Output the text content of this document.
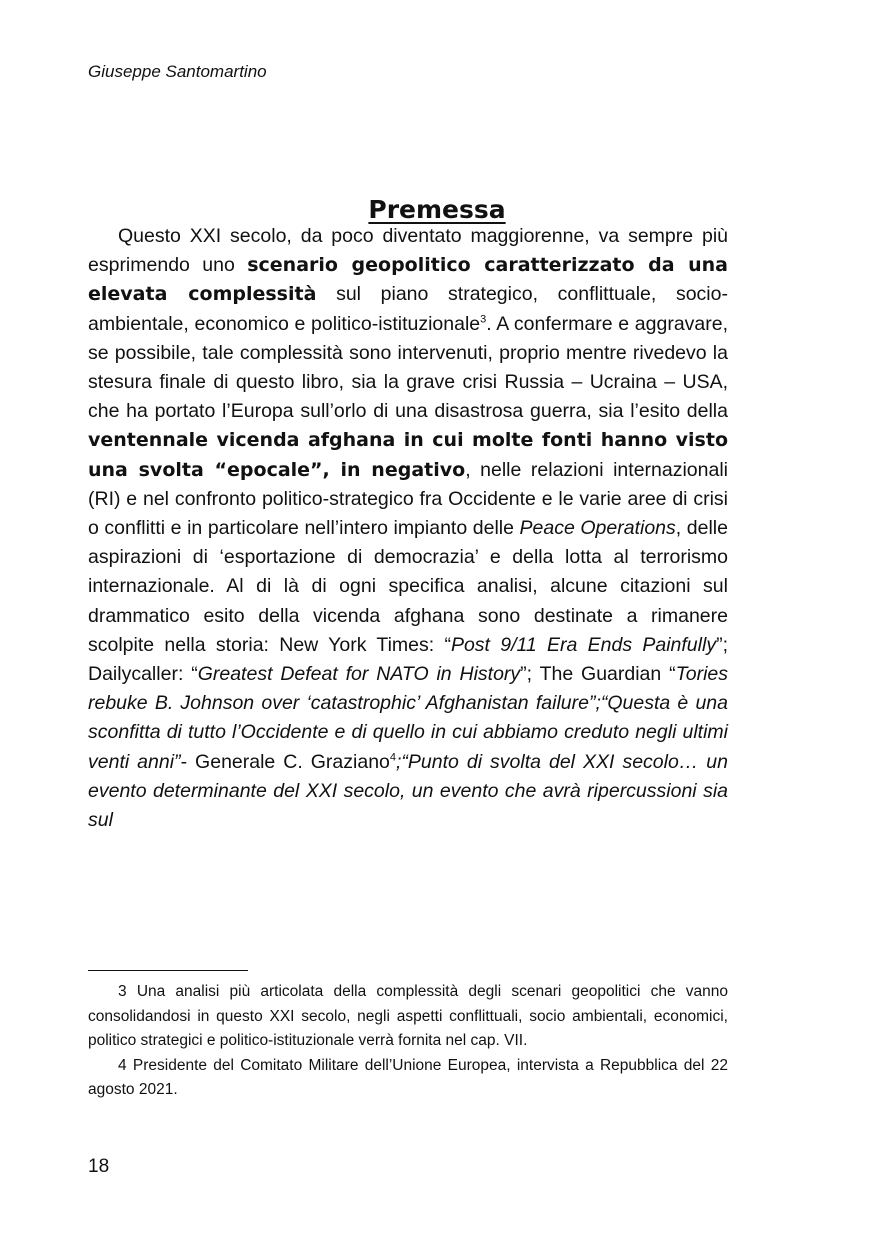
Giuseppe Santomartino
Premessa

Questo XXI secolo, da poco diventato maggiorenne, va sempre più esprimendo uno scenario geopolitico caratterizzato da una elevata complessità sul piano strategico, conflittuale, socio-ambientale, economico e politico-istituzionale$^3$. A confermare e aggravare, se possibile, tale complessità sono intervenuti, proprio mentre rivedevo la stesura finale di questo libro, sia la grave crisi Russia – Ucraina – USA, che ha portato l’Europa sull’orlo di una disastrosa guerra, sia l’esito della ventennale vicenda afghana in cui molte fonti hanno visto una svolta “epocale”, in negativo, nelle relazioni internazionali (RI) e nel confronto politico-strategico fra Occidente e le varie aree di crisi o conflitti e in particolare nell’intero impianto delle Peace Operations, delle aspirazioni di ‘esportazione di democrazia’ e della lotta al terrorismo internazionale. Al di là di ogni specifica analisi, alcune citazioni sul drammatico esito della vicenda afghana sono destinate a rimanere scolpite nella storia: New York Times: “Post 9/11 Era Ends Painfully”; Dailycaller: “Greatest Defeat for NATO in History”; The Guardian “Tories rebuke B. Johnson over ‘catastrophic’ Afghanistan failure”;“Questa è una sconfitta di tutto l’Occidente e di quello in cui abbiamo creduto negli ultimi venti anni”- Generale C. Graziano$^4$;“Punto di svolta del XXI secolo… un evento determinante del XXI secolo, un evento che avrà ripercussioni sia sul

3 Una analisi più articolata della complessità degli scenari geopolitici che vanno consolidandosi in questo XXI secolo, negli aspetti conflittuali, socio ambientali, economici, politico strategici e politico-istituzionale verrà fornita nel cap. VII.

4 Presidente del Comitato Militare dell’Unione Europea, intervista a Repubblica del 22 agosto 2021.

18
